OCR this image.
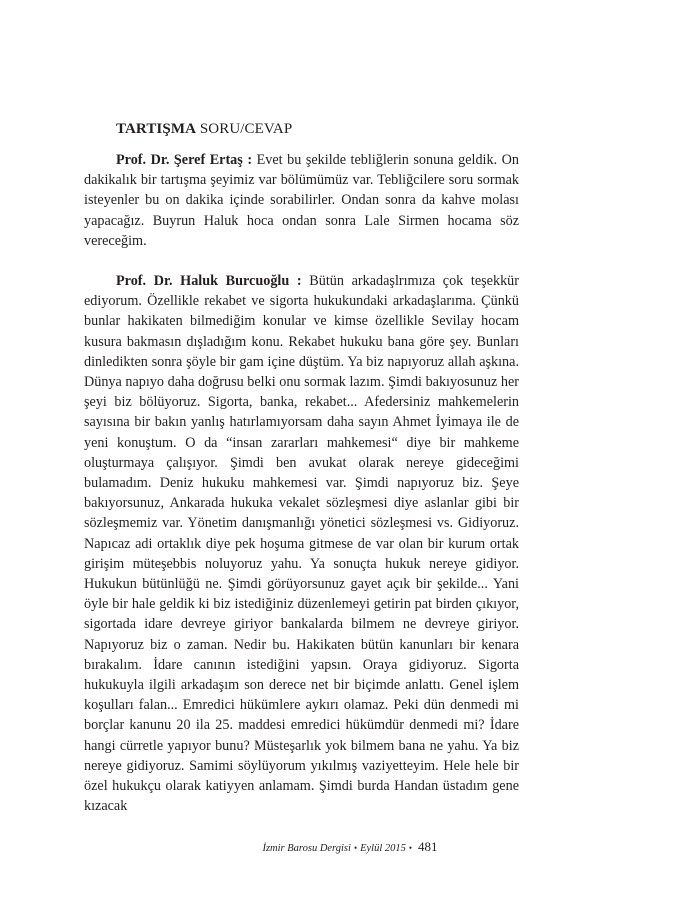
TARTIŞMA SORU/CEVAP

Prof. Dr. Şeref Ertaş : Evet bu şekilde tebliğlerin sonuna geldik. On dakikalık bir tartışma şeyimiz var bölümümüz var. Tebliğcilere soru sormak isteyenler bu on dakika içinde sorabilirler. Ondan sonra da kahve molası yapacağız. Buyrun Haluk hoca ondan sonra Lale Sirmen hocama söz vereceğim.

Prof. Dr. Haluk Burcuoğlu : Bütün arkadaşlrımıza çok teşekkür ediyorum. Özellikle rekabet ve sigorta hukukundaki arkadaşlarıma. Çünkü bunlar hakikaten bilmediğim konular ve kimse özellikle Sevilay hocam kusura bakmasın dışladığım konu. Rekabet hukuku bana göre şey. Bunları dinledikten sonra şöyle bir gam içine düştüm. Ya biz napıyoruz allah aşkına. Dünya napıyo daha doğrusu belki onu sormak lazım. Şimdi bakıyosunuz her şeyi biz bölüyoruz. Sigorta, banka, rekabet... Afedersiniz mahkemelerin sayısına bir bakın yanlış hatırlamıyorsam daha sayın Ahmet İyimaya ile de yeni konuştum. O da “insan zararları mahkemesi“ diye bir mahkeme oluşturmaya çalışıyor. Şimdi ben avukat olarak nereye gideceğimi bulamadım. Deniz hukuku mahkemesi var. Şimdi napıyoruz biz. Şeye bakıyorsunuz, Ankarada hukuka vekalet sözleşmesi diye aslanlar gibi bir sözleşmemiz var. Yönetim danışmanlığı yönetici sözleşmesi vs. Gidiyoruz. Napıcaz adi ortaklık diye pek hoşuma gitmese de var olan bir kurum ortak girişim müteşebbis noluyoruz yahu. Ya sonuçta hukuk nereye gidiyor. Hukukun bütünlüğü ne. Şimdi görüyorsunuz gayet açık bir şekilde... Yani öyle bir hale geldik ki biz istediğiniz düzenlemeyi getirin pat birden çıkıyor, sigortada idare devreye giriyor bankalarda bilmem ne devreye giriyor. Napıyoruz biz o zaman. Nedir bu. Hakikaten bütün kanunları bir kenara bırakalım. İdare canının istediğini yapsın. Oraya gidiyoruz. Sigorta hukukuyla ilgili arkadaşım son derece net bir biçimde anlattı. Genel işlem koşulları falan... Emredici hükümlere aykırı olamaz. Peki dün denmedi mi borçlar kanunu 20 ila 25. maddesi emredici hükümdür denmedi mi? İdare hangi cürretle yapıyor bunu? Müsteşarlık yok bilmem bana ne yahu. Ya biz nereye gidiyoruz. Samimi söylüyorum yıkılmış vaziyetteyim. Hele hele bir özel hukukçu olarak katiyyen anlamam. Şimdi burda Handan üstadım gene kızacak

İzmir Barosu Dergisi • Eylül 2015 • 481
